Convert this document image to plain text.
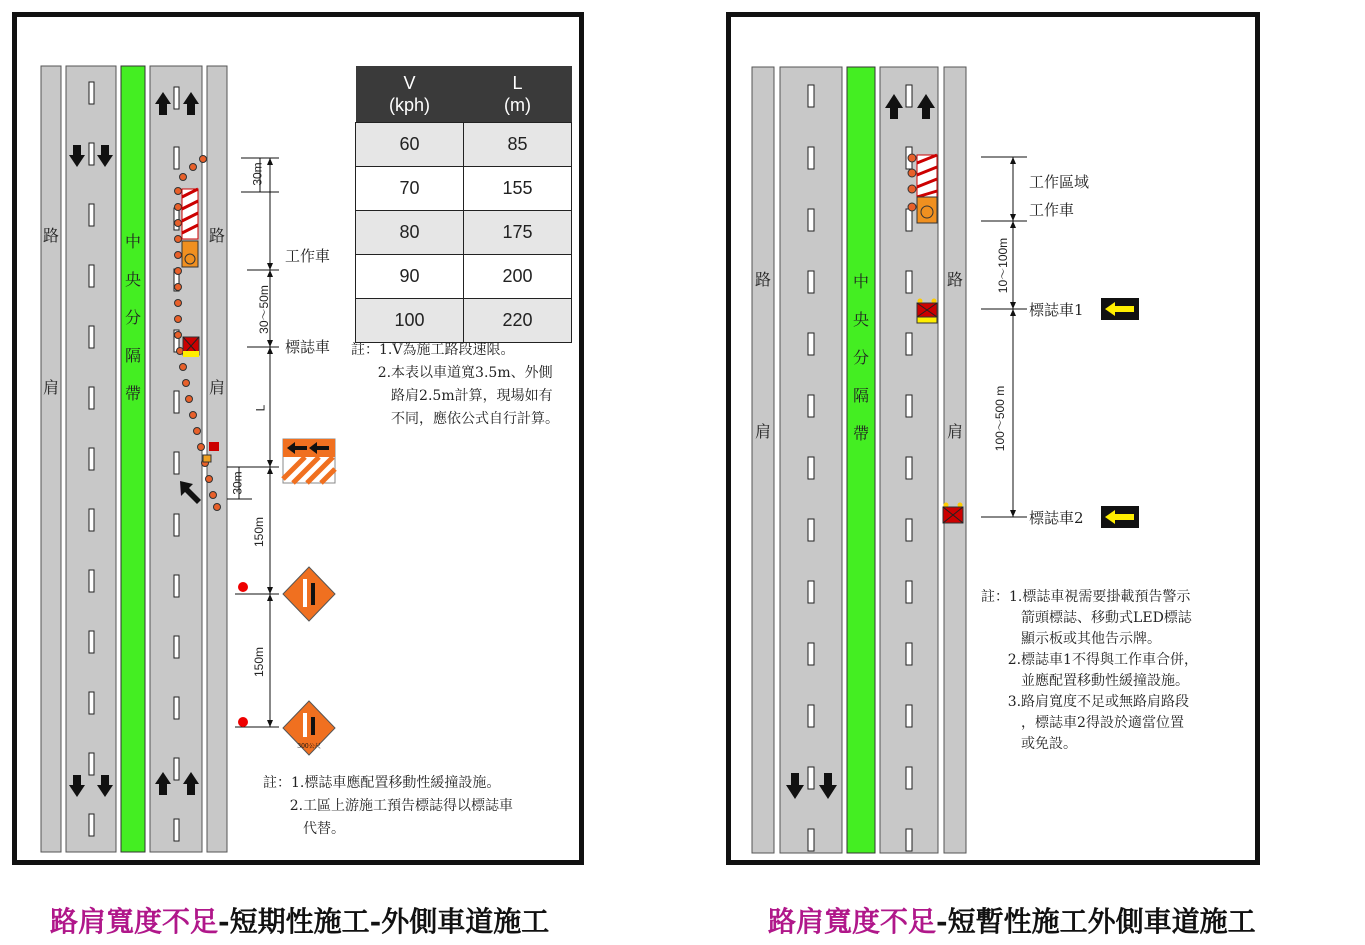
300公尺
路

肩
中
央
分
隔
帶
路

肩
30m
30～50m
L
30m
150m
150m
工作車
標誌車
V
(kph)	L
(m)
60	85
70	155
80	175
90	200
100	220
註：1.V為施工路段速限。
2.本表以車道寬3.5m、外側
路肩2.5m計算，現場如有
不同，應依公式自行計算。
註：1.標誌車應配置移動性緩撞設施。
2.工區上游施工預告標誌得以標誌車
代替。
路

肩
中
央
分
隔
帶
路

肩
10～100m
100～500 m
工作區域
工作車
標誌車1
標誌車2
註：1.標誌車視需要掛載預告警示
箭頭標誌、移動式LED標誌
顯示板或其他告示牌。
2.標誌車1不得與工作車合併，
並應配置移動性緩撞設施。
3.路肩寬度不足或無路肩路段
，標誌車2得設於適當位置
或免設。
路肩寬度不足-短期性施工-外側車道施工	路肩寬度不足-短暫性施工外側車道施工
